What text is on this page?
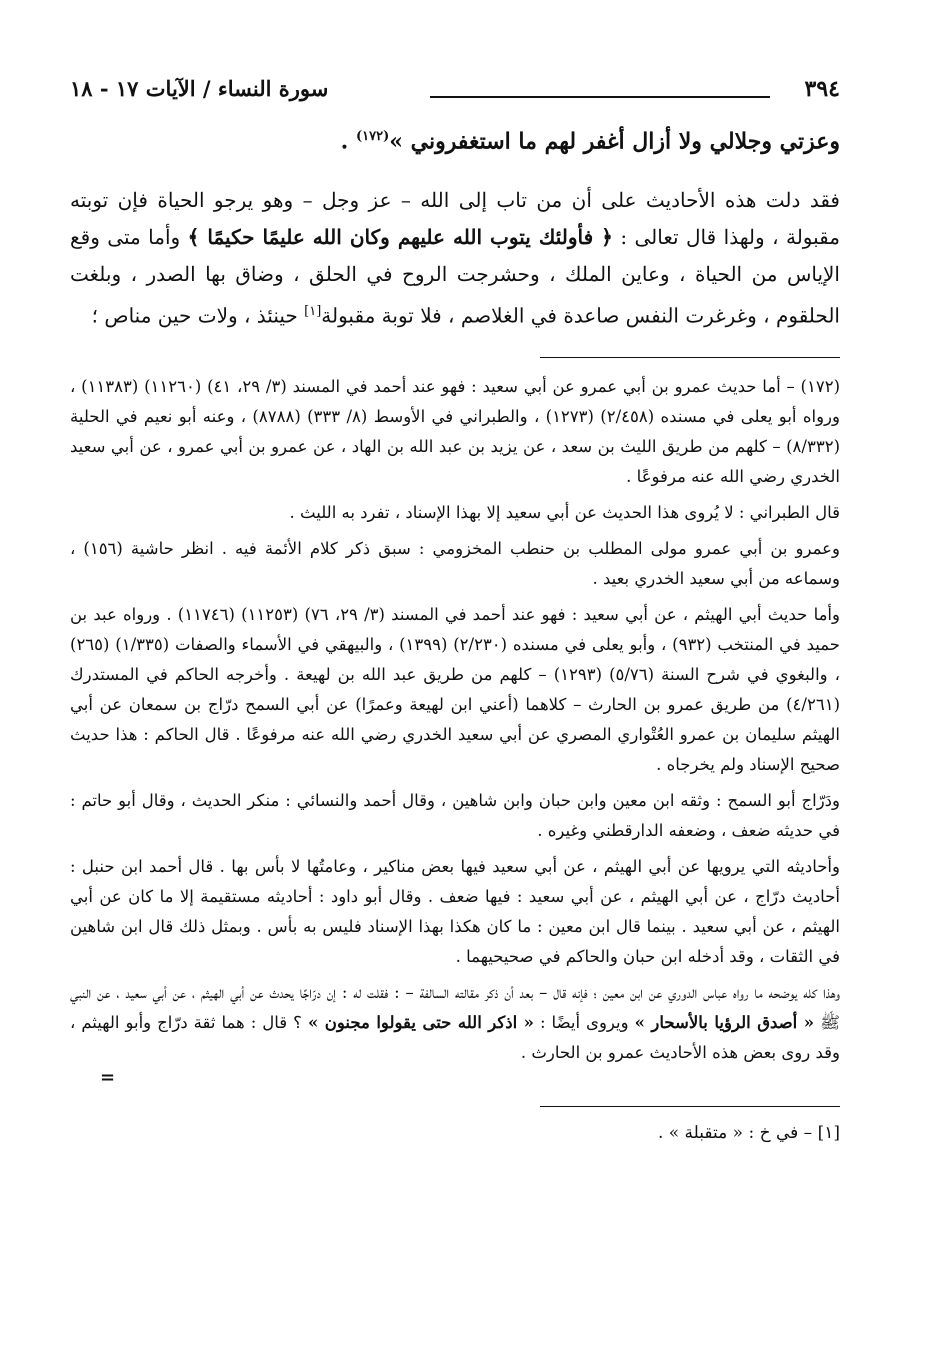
٣٩٤
سورة النساء / الآيات ١٧ - ١٨
وعزتي وجلالي ولا أزال أغفر لهم ما استغفروني »$^{(١٧٢)}$ .
فقد دلت هذه الأحاديث على أن من تاب إلى الله – عز وجل – وهو يرجو الحياة فإن توبته مقبولة ، ولهذا قال تعالى : ﴿ فأولئك يتوب الله عليهم وكان الله عليمًا حكيمًا ﴾ وأما متى وقع الإياس من الحياة ، وعاين الملك ، وحشرجت الروح في الحلق ، وضاق بها الصدر ، وبلغت الحلقوم ، وغرغرت النفس صاعدة في الغلاصم ، فلا توبة مقبولة[١] حينئذ ، ولات حين مناص ؛

(١٧٢) – أما حديث عمرو بن أبي عمرو عن أبي سعيد : فهو عند أحمد في المسند (٣/ ٢٩، ٤١) (١١٢٦٠) (١١٣٨٣) ، ورواه أبو يعلى في مسنده (٢/٤٥٨) (١٢٧٣) ، والطبراني في الأوسط (٨/ ٣٣٣) (٨٧٨٨) ، وعنه أبو نعيم في الحلية (٨/٣٣٢) – كلهم من طريق الليث بن سعد ، عن يزيد بن عبد الله بن الهاد ، عن عمرو بن أبي عمرو ، عن أبي سعيد الخدري رضي الله عنه مرفوعًا .

قال الطبراني : لا يُروى هذا الحديث عن أبي سعيد إلا بهذا الإسناد ، تفرد به الليث .

وعمرو بن أبي عمرو مولى المطلب بن حنطب المخزومي : سبق ذكر كلام الأئمة فيه . انظر حاشية (١٥٦) ، وسماعه من أبي سعيد الخدري بعيد .

وأما حديث أبي الهيثم ، عن أبي سعيد : فهو عند أحمد في المسند (٣/ ٢٩، ٧٦) (١١٢٥٣) (١١٧٤٦) . ورواه عبد بن حميد في المنتخب (٩٣٢) ، وأبو يعلى في مسنده (٢/٢٣٠) (١٣٩٩) ، والبيهقي في الأسماء والصفات (١/٣٣٥) (٢٦٥) ، والبغوي في شرح السنة (٥/٧٦) (١٢٩٣) – كلهم من طريق عبد الله بن لهيعة . وأخرجه الحاكم في المستدرك (٤/٢٦١) من طريق عمرو بن الحارث – كلاهما (أعني ابن لهيعة وعمرًا) عن أبي السمح درّاج بن سمعان عن أبي الهيثم سليمان بن عمرو العُتْواري المصري عن أبي سعيد الخدري رضي الله عنه مرفوعًا . قال الحاكم : هذا حديث صحيح الإسناد ولم يخرجاه .

ودَرّاج أبو السمح : وثقه ابن معين وابن حبان وابن شاهين ، وقال أحمد والنسائي : منكر الحديث ، وقال أبو حاتم : في حديثه ضعف ، وضعفه الدارقطني وغيره .

وأحاديثه التي يرويها عن أبي الهيثم ، عن أبي سعيد فيها بعض مناكير ، وعامتُها لا بأس بها . قال أحمد ابن حنبل : أحاديث درّاج ، عن أبي الهيثم ، عن أبي سعيد : فيها ضعف . وقال أبو داود : أحاديثه مستقيمة إلا ما كان عن أبي الهيثم ، عن أبي سعيد . بينما قال ابن معين : ما كان هكذا بهذا الإسناد فليس به بأس . وبمثل ذلك قال ابن شاهين في الثقات ، وقد أدخله ابن حبان والحاكم في صحيحيهما .

وهذا كله يوضحه ما رواه عباس الدوري عن ابن معين ؛ فإنه قال – بعد أن ذكر مقالته السالفة – : فقلت له : إن درّاجًا يحدث عن أبي الهيثم ، عن أبي سعيد ، عن النبي ﷺ « أصدق الرؤيا بالأسحار » ويروى أيضًا : « اذكر الله حتى يقولوا مجنون » ؟ قال : هما ثقة درّاج وأبو الهيثم ، وقد روى بعض هذه الأحاديث عمرو بن الحارث .

=
[١] – في خ : « متقبلة » .
